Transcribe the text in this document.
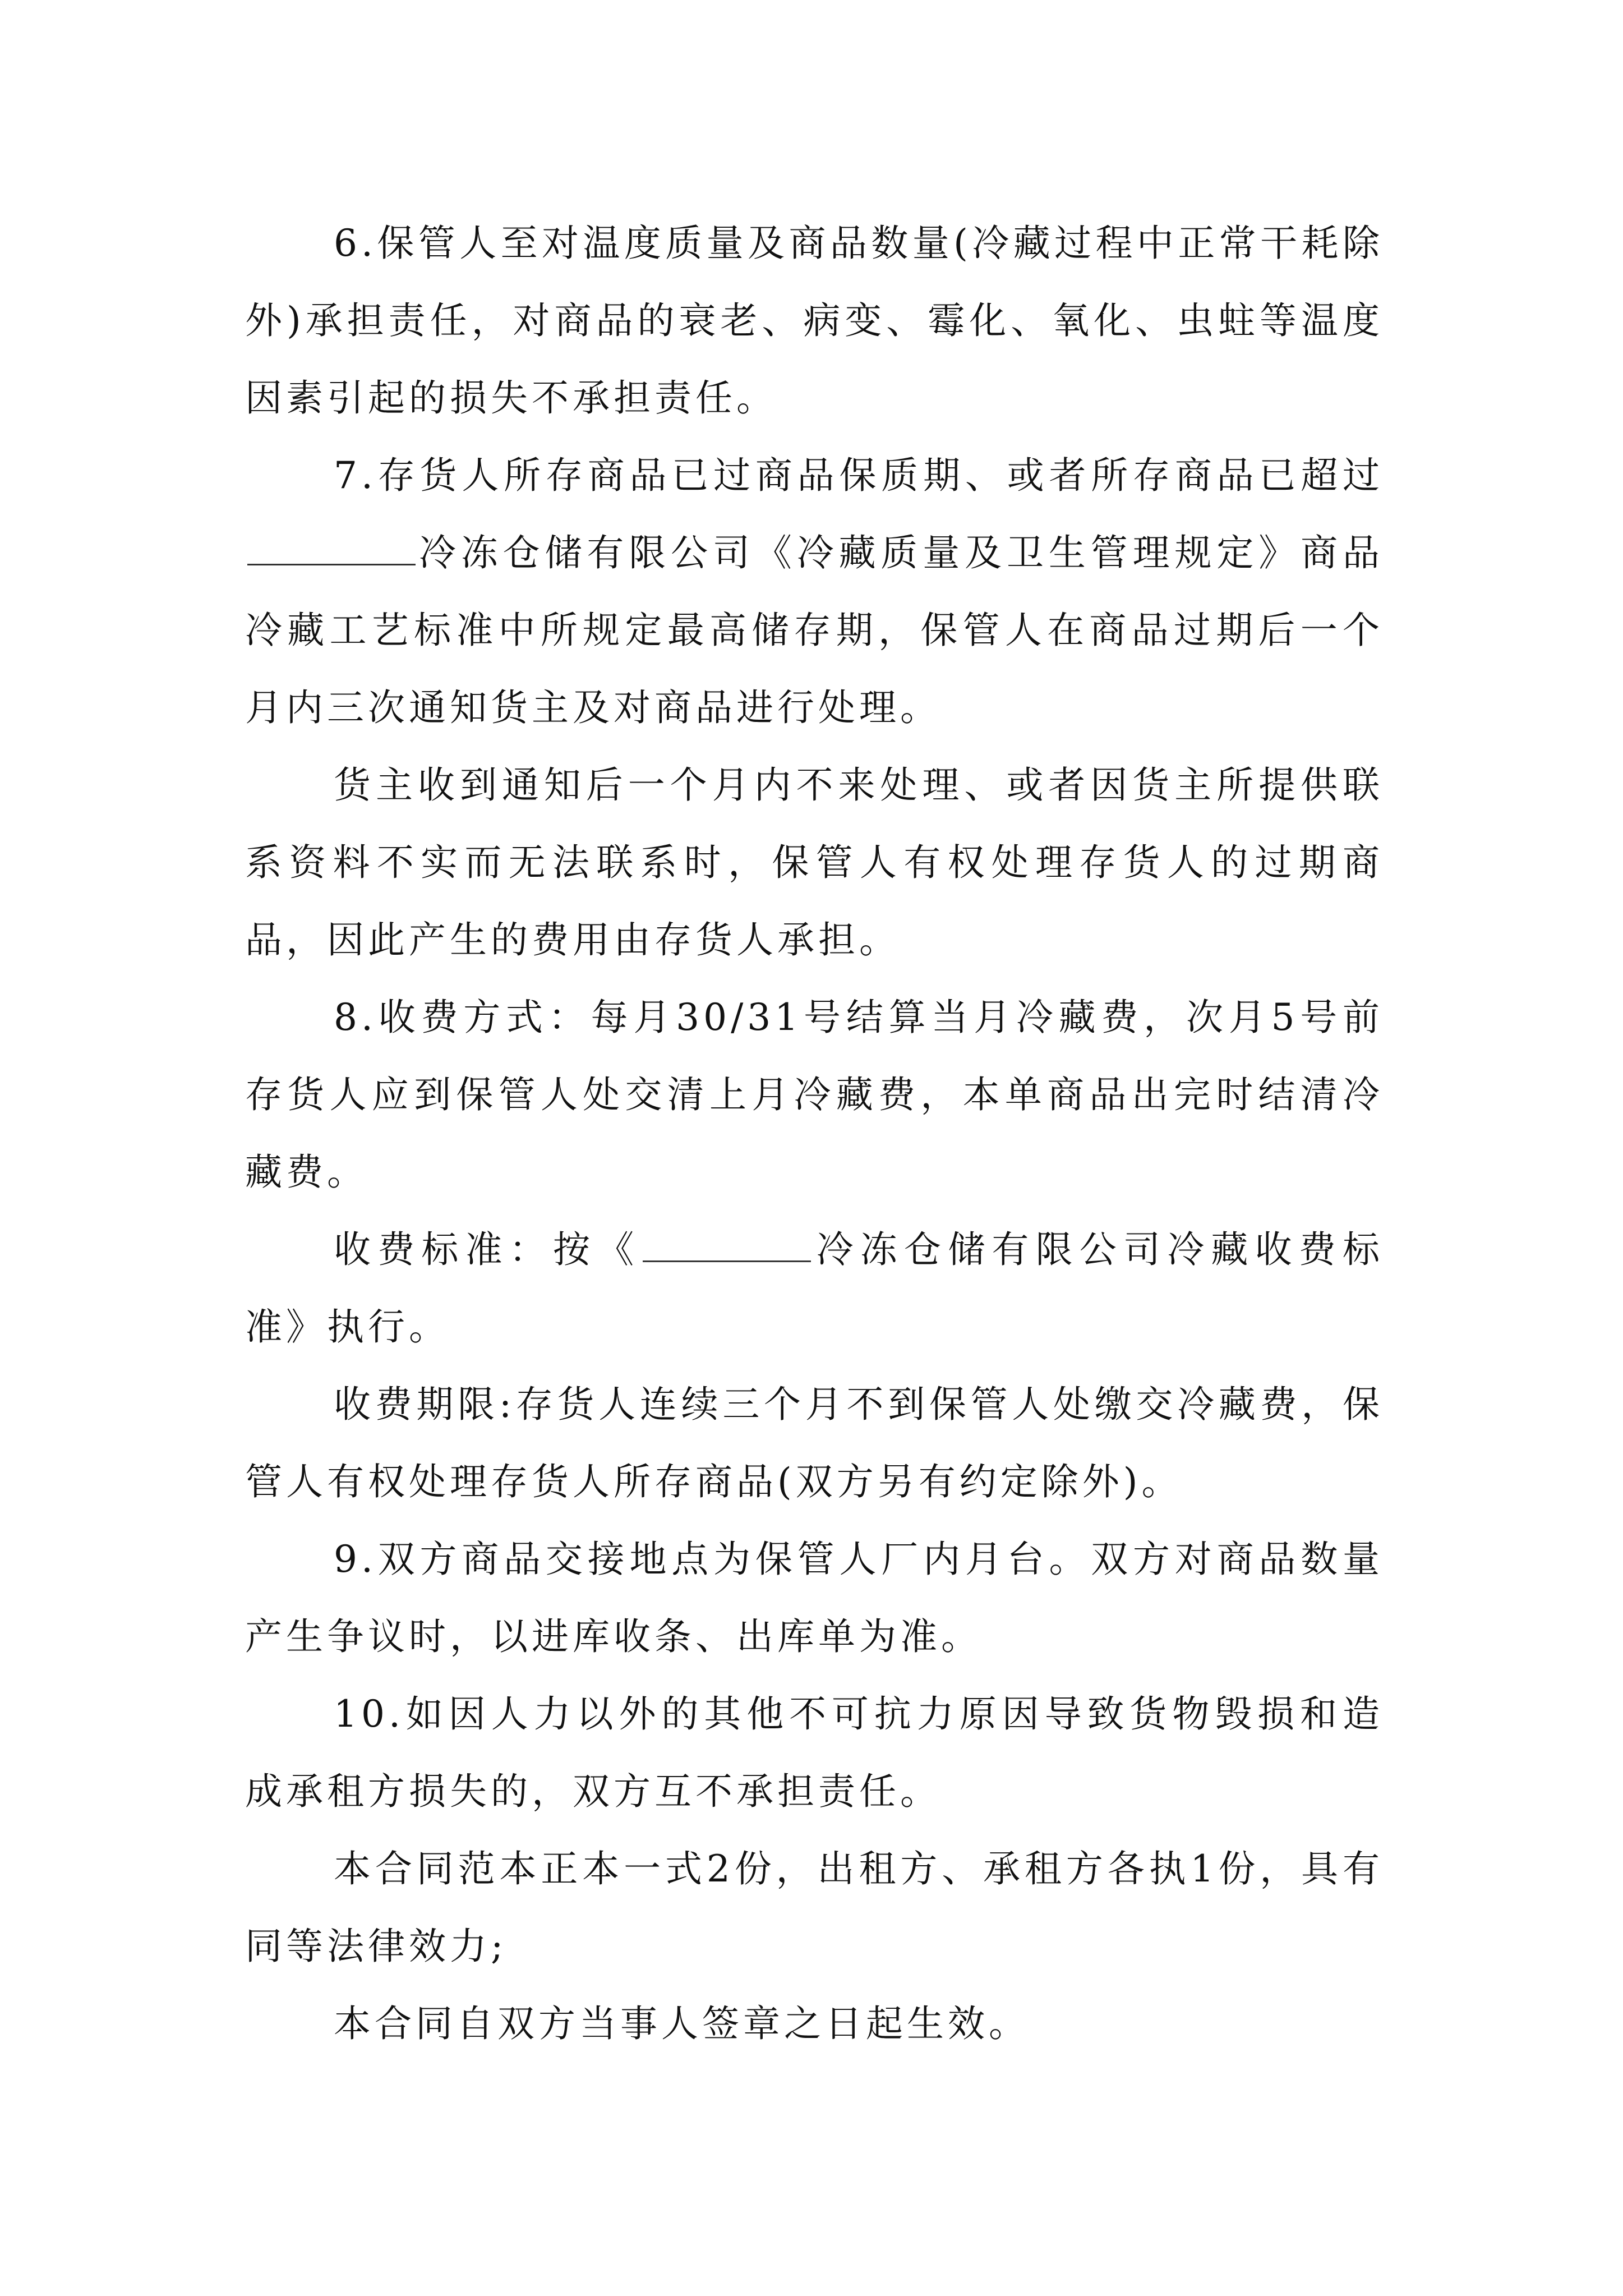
6.保管人至对温度质量及商品数量(冷藏过程中正常干耗除外)承担责任，对商品的衰老、病变、霉化、氧化、虫蛀等温度因素引起的损失不承担责任。

7.存货人所存商品已过商品保质期、或者所存商品已超过冷冻仓储有限公司《冷藏质量及卫生管理规定》商品冷藏工艺标准中所规定最高储存期，保管人在商品过期后一个月内三次通知货主及对商品进行处理。

货主收到通知后一个月内不来处理、或者因货主所提供联系资料不实而无法联系时，保管人有权处理存货人的过期商品，因此产生的费用由存货人承担。

8.收费方式：每月30/31号结算当月冷藏费，次月5号前存货人应到保管人处交清上月冷藏费，本单商品出完时结清冷藏费。

收费标准：按《	冷冻仓储有限公司冷藏收费标准》执行。

收费期限:存货人连续三个月不到保管人处缴交冷藏费，保管人有权处理存货人所存商品(双方另有约定除外)。

9.双方商品交接地点为保管人厂内月台。双方对商品数量产生争议时，以进库收条、出库单为准。

10.如因人力以外的其他不可抗力原因导致货物毁损和造成承租方损失的，双方互不承担责任。

本合同范本正本一式2份，出租方、承租方各执1份，具有同等法律效力;

本合同自双方当事人签章之日起生效。
